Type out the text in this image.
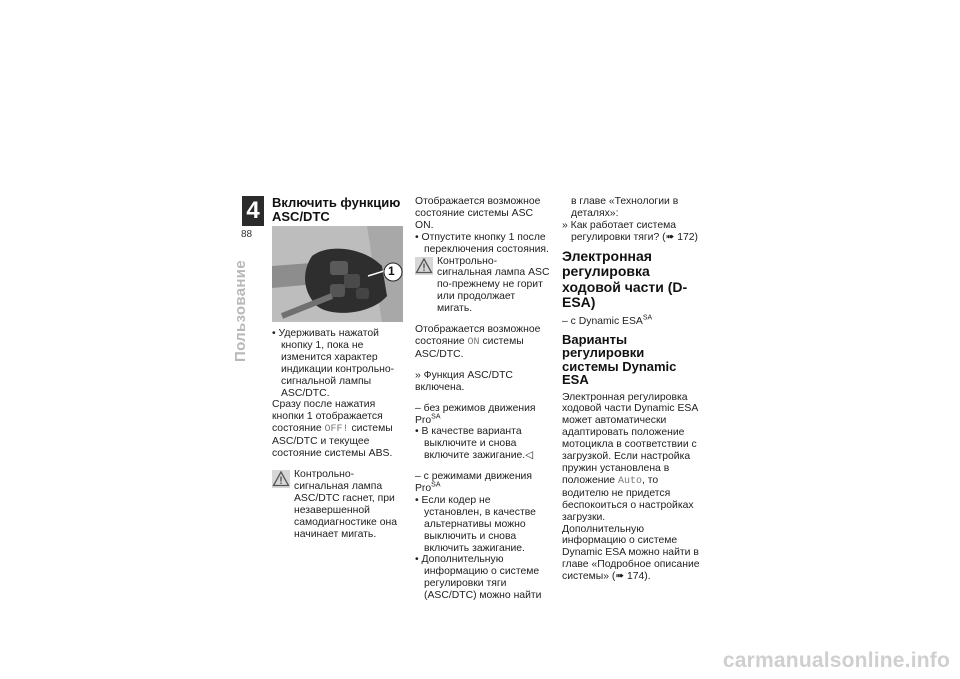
4
88
Пользование

Включить функцию ASC/DTC

1

• Удерживать нажатой кнопку 1, пока не изменится характер индикации контрольно-сигнальной лампы ASC/DTC.

Сразу после нажатия кнопки 1 отображается состояние OFF! системы ASC/DTC и текущее состояние системы ABS.

Контрольно-сигнальная лампа ASC/DTC гаснет, при незавершенной самодиагностике она начинает мигать.

Отображается возможное состояние системы ASC ON.

• Отпустите кнопку 1 после переключения состояния.

Контрольно-сигнальная лампа ASC по-прежнему не горит или продолжает мигать.

Отображается возможное состояние ON системы ASC/DTC.

» Функция ASC/DTC включена.

– без режимов движения Pro$^{SA}$

• В качестве варианта выключите и снова включите зажигание.◁

– с режимами движения Pro$^{SA}$

• Если кодер не установлен, в качестве альтернативы можно выключить и снова включить зажигание.

• Дополнительную информацию о системе регулировки тяги (ASC/DTC) можно найти

в главе «Технологии в деталях»:

» Как работает система регулировки тяги? (➠ 172)

Электронная регулировка ходовой части (D-ESA)

– с Dynamic $ESA^{SA}$

Варианты регулировки системы Dynamic ESA

Электронная регулировка ходовой части Dynamic ESA может автоматически адаптировать положение мотоцикла в соответствии с загрузкой. Если настройка пружин установлена в положение Auto, то водителю не придется беспокоиться о настройках загрузки.

Дополнительную информацию о системе Dynamic ESA можно найти в главе «Подробное описание системы» (➠ 174).

carmanualsonline.info
